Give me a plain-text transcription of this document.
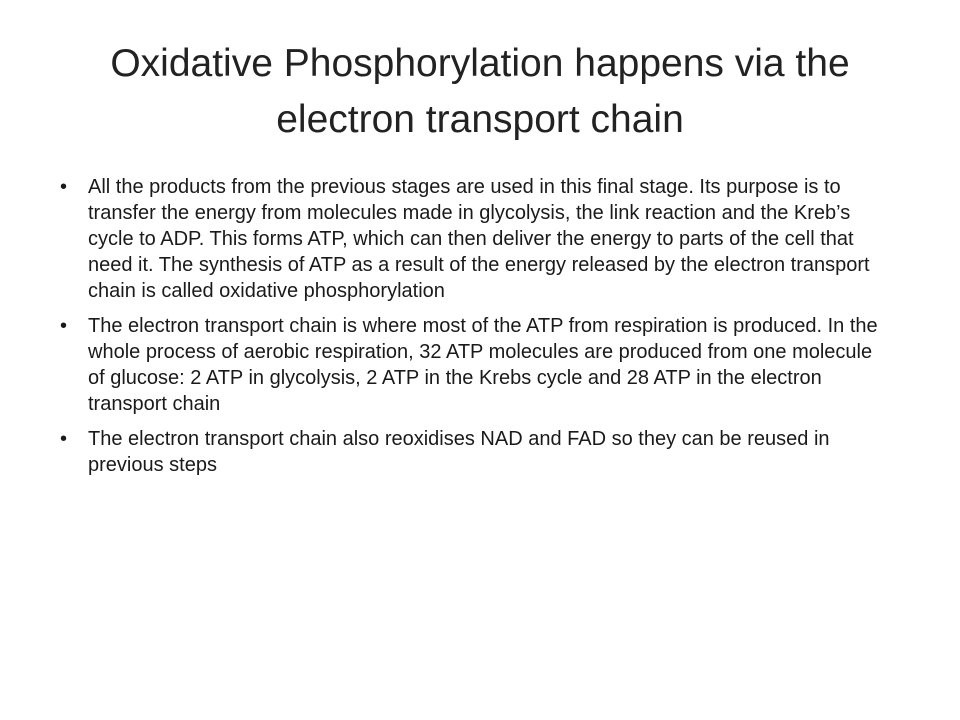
Oxidative Phosphorylation happens via the electron transport chain
• All the products from the previous stages are used in this final stage. Its purpose is to transfer the energy from molecules made in glycolysis, the link reaction and the Kreb’s cycle to ADP. This forms ATP, which can then deliver the energy to parts of the cell that need it. The synthesis of ATP as a result of the energy released by the electron transport chain is called oxidative phosphorylation
• The electron transport chain is where most of the ATP from respiration is produced. In the whole process of aerobic respiration, 32 ATP molecules are produced from one molecule of glucose: 2 ATP in glycolysis, 2 ATP in the Krebs cycle and 28 ATP in the electron transport chain
• The electron transport chain also reoxidises NAD and FAD so they can be reused in previous steps
